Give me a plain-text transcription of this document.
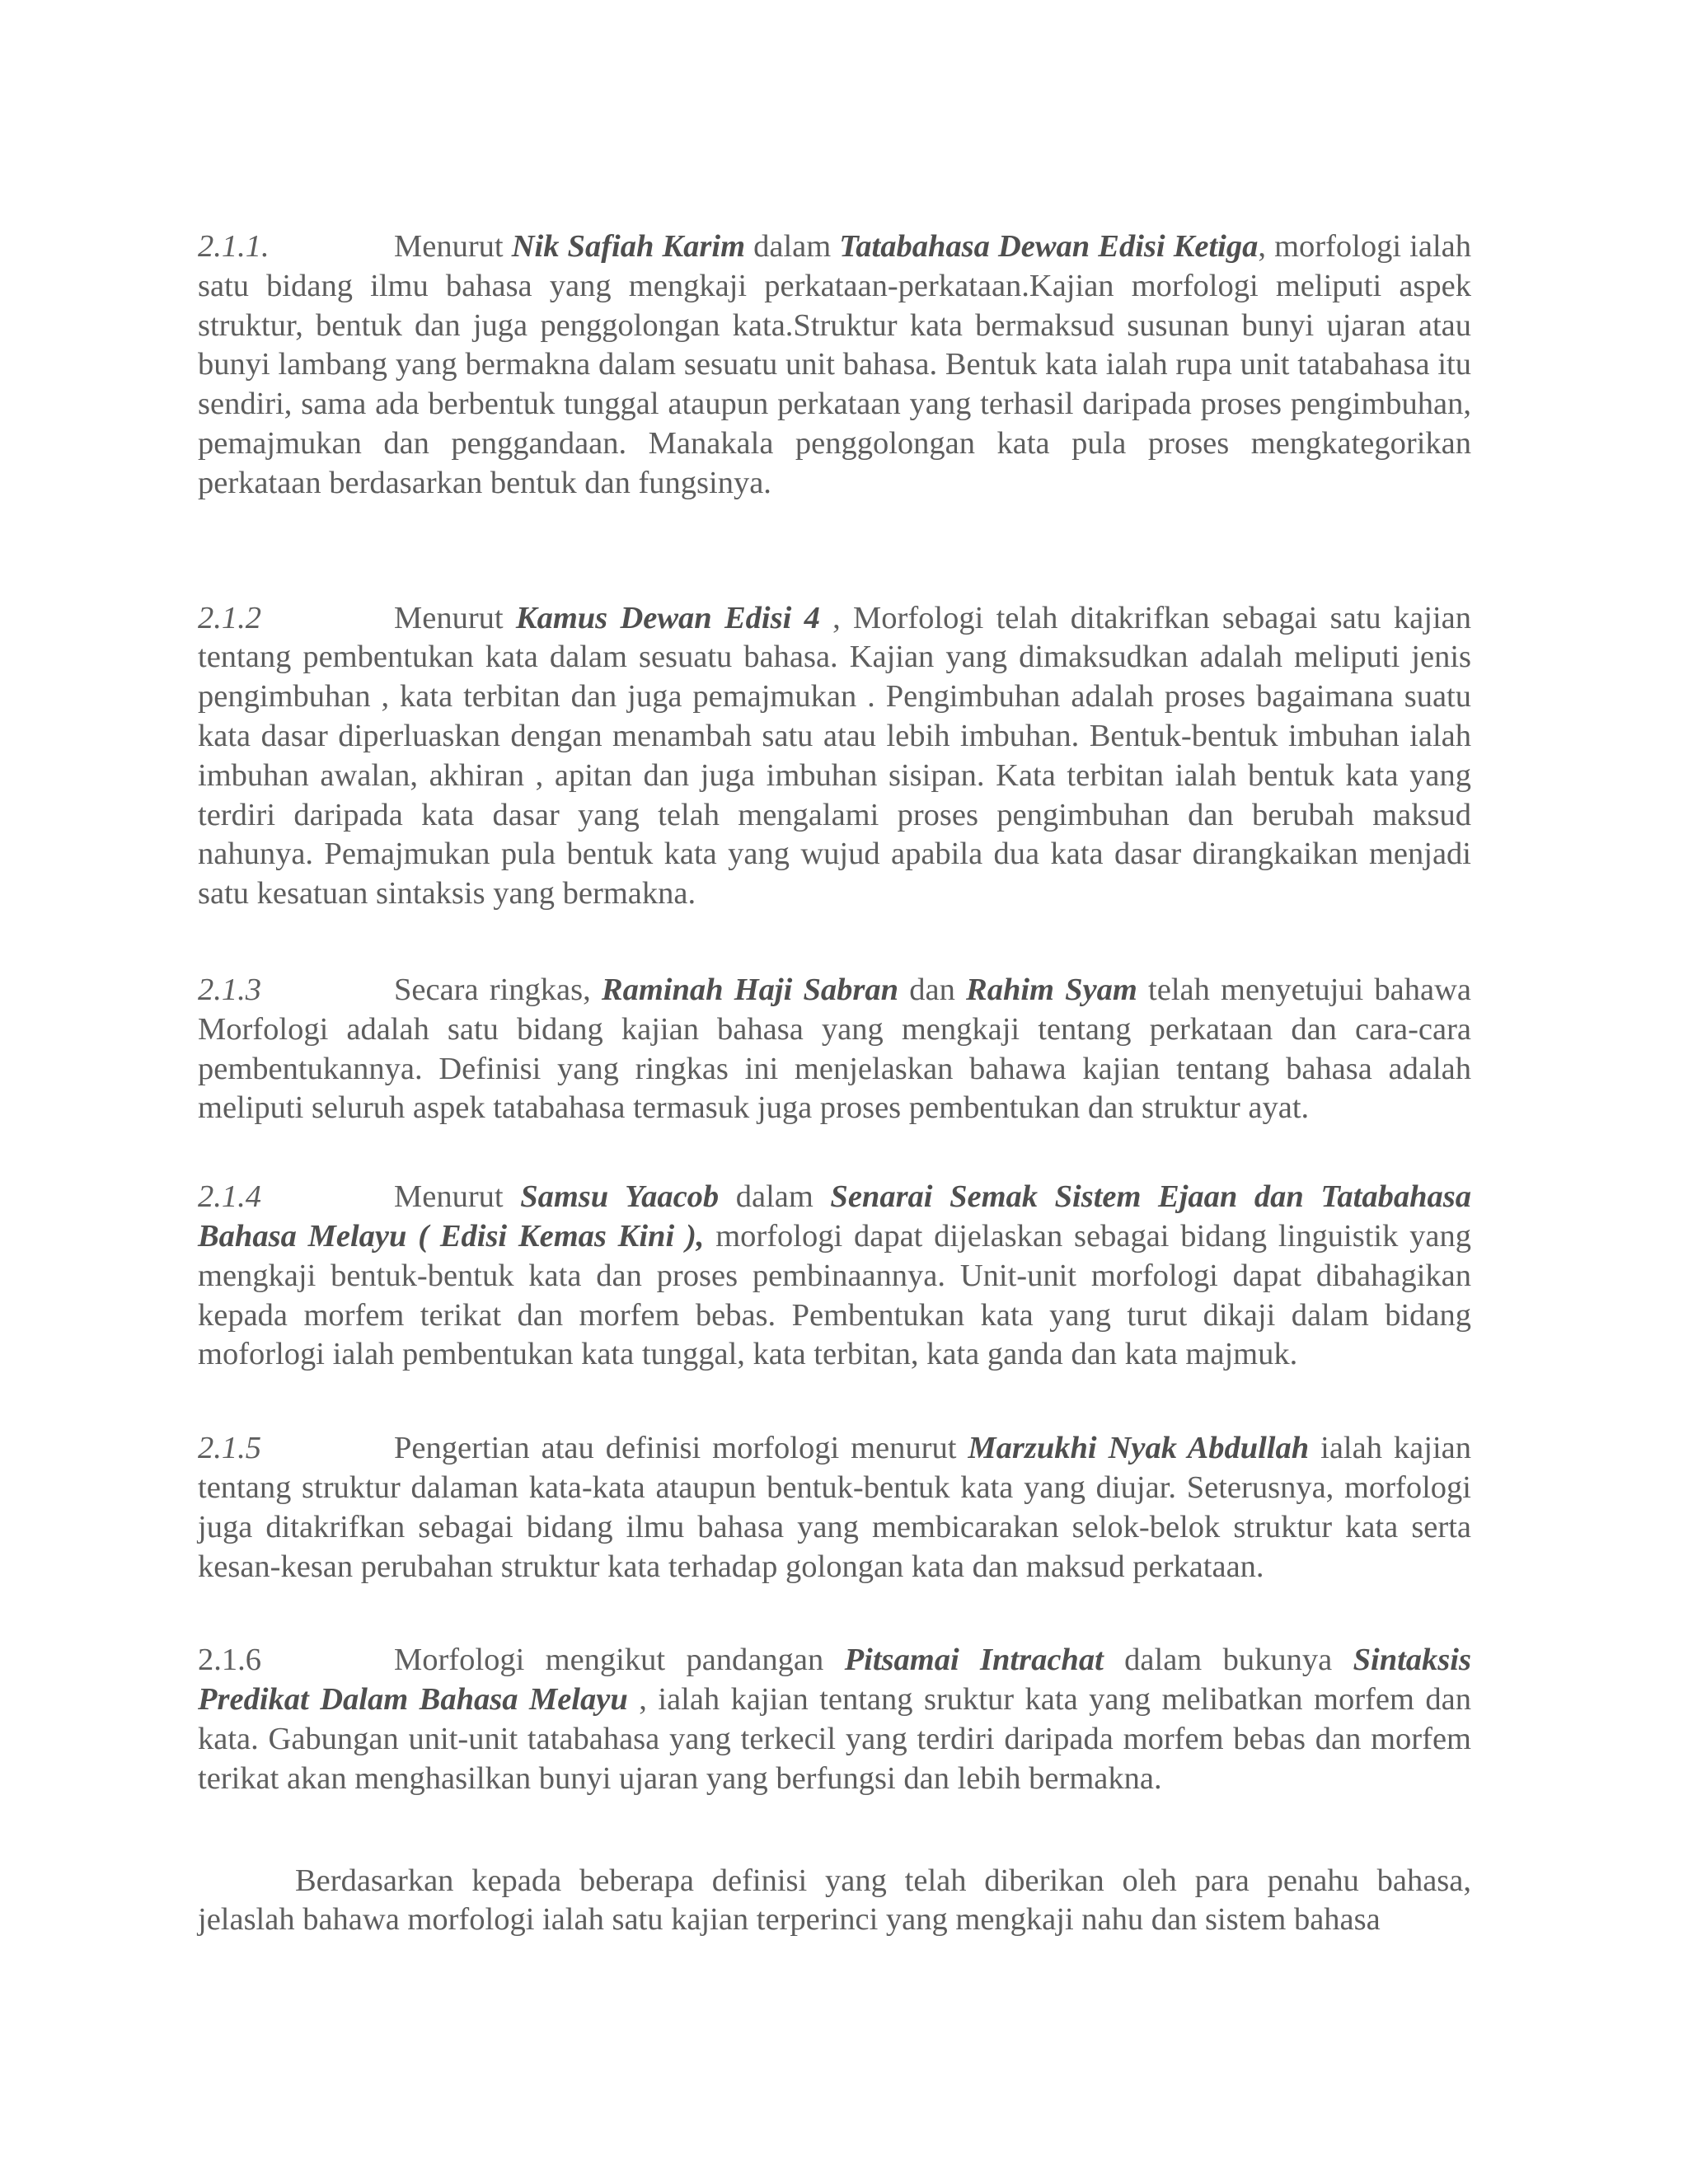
2.1.1.	Menurut Nik Safiah Karim dalam Tatabahasa Dewan Edisi Ketiga, morfologi ialah satu bidang ilmu bahasa yang mengkaji perkataan-perkataan.Kajian morfologi meliputi aspek struktur, bentuk dan juga penggolongan kata.Struktur kata bermaksud susunan bunyi ujaran atau bunyi lambang yang bermakna dalam sesuatu unit bahasa. Bentuk kata ialah rupa unit tatabahasa itu sendiri, sama ada berbentuk tunggal ataupun perkataan yang terhasil daripada proses pengimbuhan, pemajmukan dan penggandaan. Manakala penggolongan kata pula proses mengkategorikan perkataan berdasarkan bentuk dan fungsinya.

2.1.2	Menurut Kamus Dewan Edisi 4 , Morfologi telah ditakrifkan sebagai satu kajian tentang pembentukan kata dalam sesuatu bahasa. Kajian yang dimaksudkan adalah meliputi jenis pengimbuhan , kata terbitan dan juga pemajmukan . Pengimbuhan adalah proses bagaimana suatu kata dasar diperluaskan dengan menambah satu atau lebih imbuhan. Bentuk-bentuk imbuhan ialah imbuhan awalan, akhiran , apitan dan juga imbuhan sisipan. Kata terbitan ialah bentuk kata yang terdiri daripada kata dasar yang telah mengalami proses pengimbuhan dan berubah maksud nahunya. Pemajmukan pula bentuk kata yang wujud apabila dua kata dasar dirangkaikan menjadi satu kesatuan sintaksis yang bermakna.

2.1.3	Secara ringkas, Raminah Haji Sabran dan Rahim Syam telah menyetujui bahawa Morfologi adalah satu bidang kajian bahasa yang mengkaji tentang perkataan dan cara-cara pembentukannya. Definisi yang ringkas ini menjelaskan bahawa kajian tentang bahasa adalah meliputi seluruh aspek tatabahasa termasuk juga proses pembentukan dan struktur ayat.

2.1.4	Menurut Samsu Yaacob dalam Senarai Semak Sistem Ejaan dan Tatabahasa Bahasa Melayu ( Edisi Kemas Kini ), morfologi dapat dijelaskan sebagai bidang linguistik yang mengkaji bentuk-bentuk kata dan proses pembinaannya. Unit-unit morfologi dapat dibahagikan kepada morfem terikat dan morfem bebas. Pembentukan kata yang turut dikaji dalam bidang moforlogi ialah pembentukan kata tunggal, kata terbitan, kata ganda dan kata majmuk.

2.1.5	Pengertian atau definisi morfologi menurut Marzukhi Nyak Abdullah ialah kajian tentang struktur dalaman kata-kata ataupun bentuk-bentuk kata yang diujar. Seterusnya, morfologi juga ditakrifkan sebagai bidang ilmu bahasa yang membicarakan selok-belok struktur kata serta kesan-kesan perubahan struktur kata terhadap golongan kata dan maksud perkataan.

2.1.6	Morfologi mengikut pandangan Pitsamai Intrachat dalam bukunya Sintaksis Predikat Dalam Bahasa Melayu , ialah kajian tentang sruktur kata yang melibatkan morfem dan kata. Gabungan unit-unit tatabahasa yang terkecil yang terdiri daripada morfem bebas dan morfem terikat akan menghasilkan bunyi ujaran yang berfungsi dan lebih bermakna.

Berdasarkan kepada beberapa definisi yang telah diberikan oleh para penahu bahasa, jelaslah bahawa morfologi ialah satu kajian terperinci yang mengkaji nahu dan sistem bahasa
